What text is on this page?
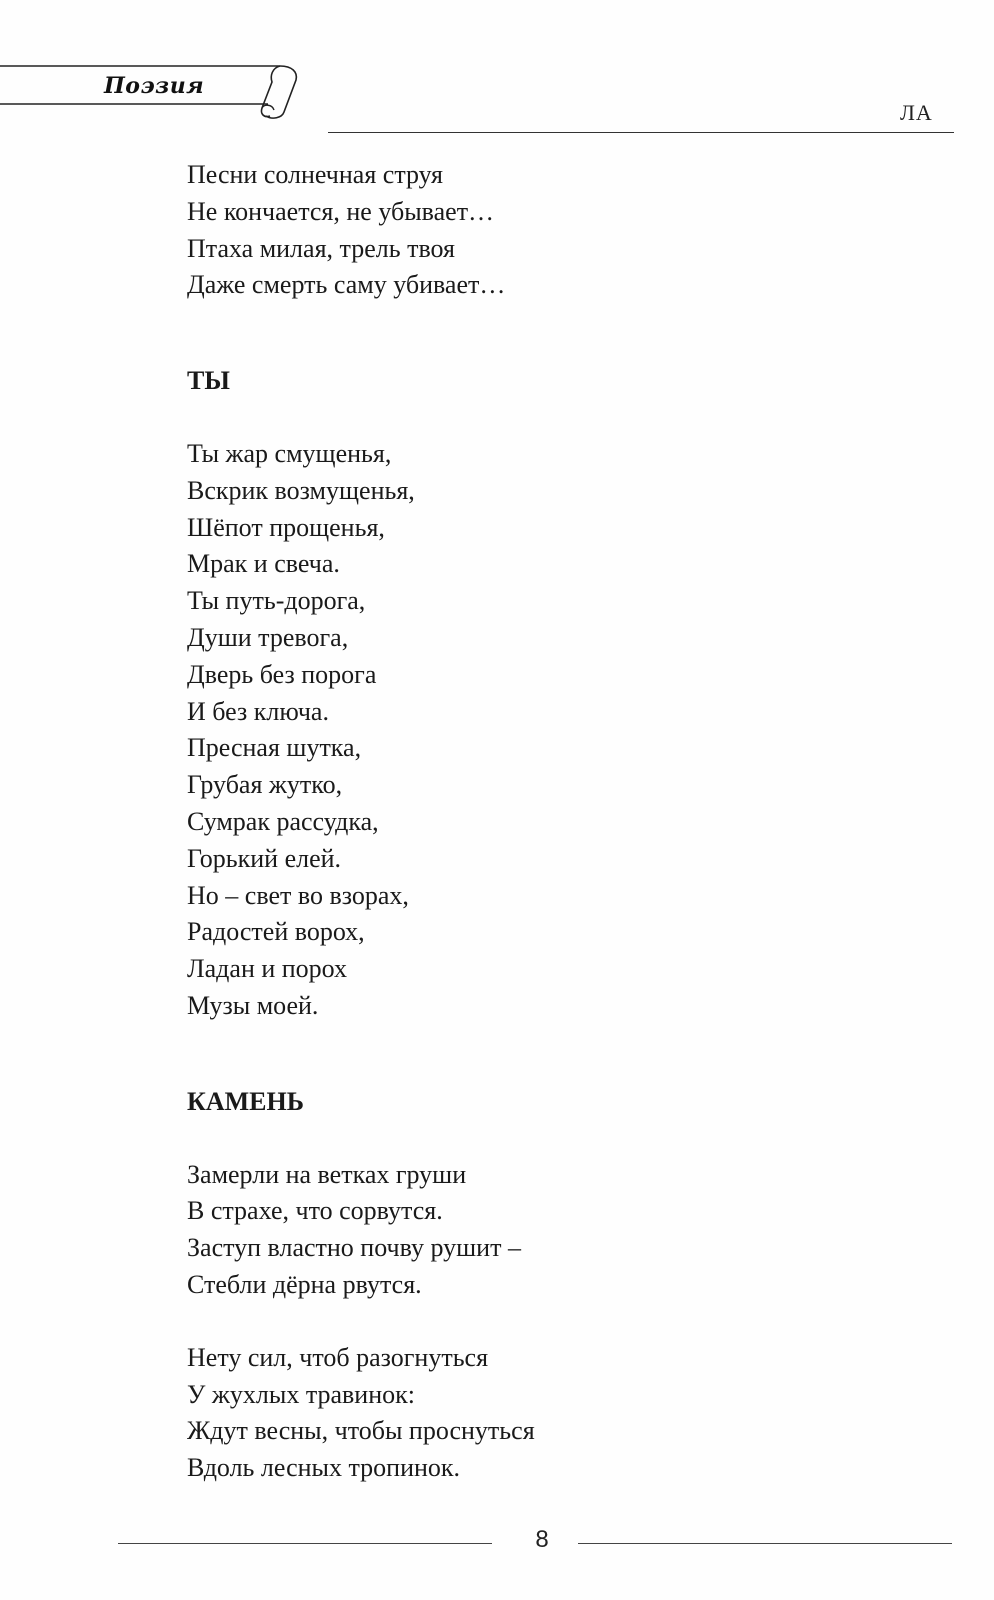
Поэзия
ЛА
Песни солнечная струя
Не кончается, не убывает…
Птаха милая, трель твоя
Даже смерть саму убивает…
ТЫ
Ты жар смущенья,
Вскрик возмущенья,
Шёпот прощенья,
Мрак и свеча.
Ты путь-дорога,
Души тревога,
Дверь без порога
И без ключа.
Пресная шутка,
Грубая жутко,
Сумрак рассудка,
Горький елей.
Но – свет во взорах,
Радостей ворох,
Ладан и порох
Музы моей.
КАМЕНЬ
Замерли на ветках груши
В страхе, что сорвутся.
Заступ властно почву рушит –
Стебли дёрна рвутся.
Нету сил, чтоб разогнуться
У жухлых травинок:
Ждут весны, чтобы проснуться
Вдоль лесных тропинок.
8
